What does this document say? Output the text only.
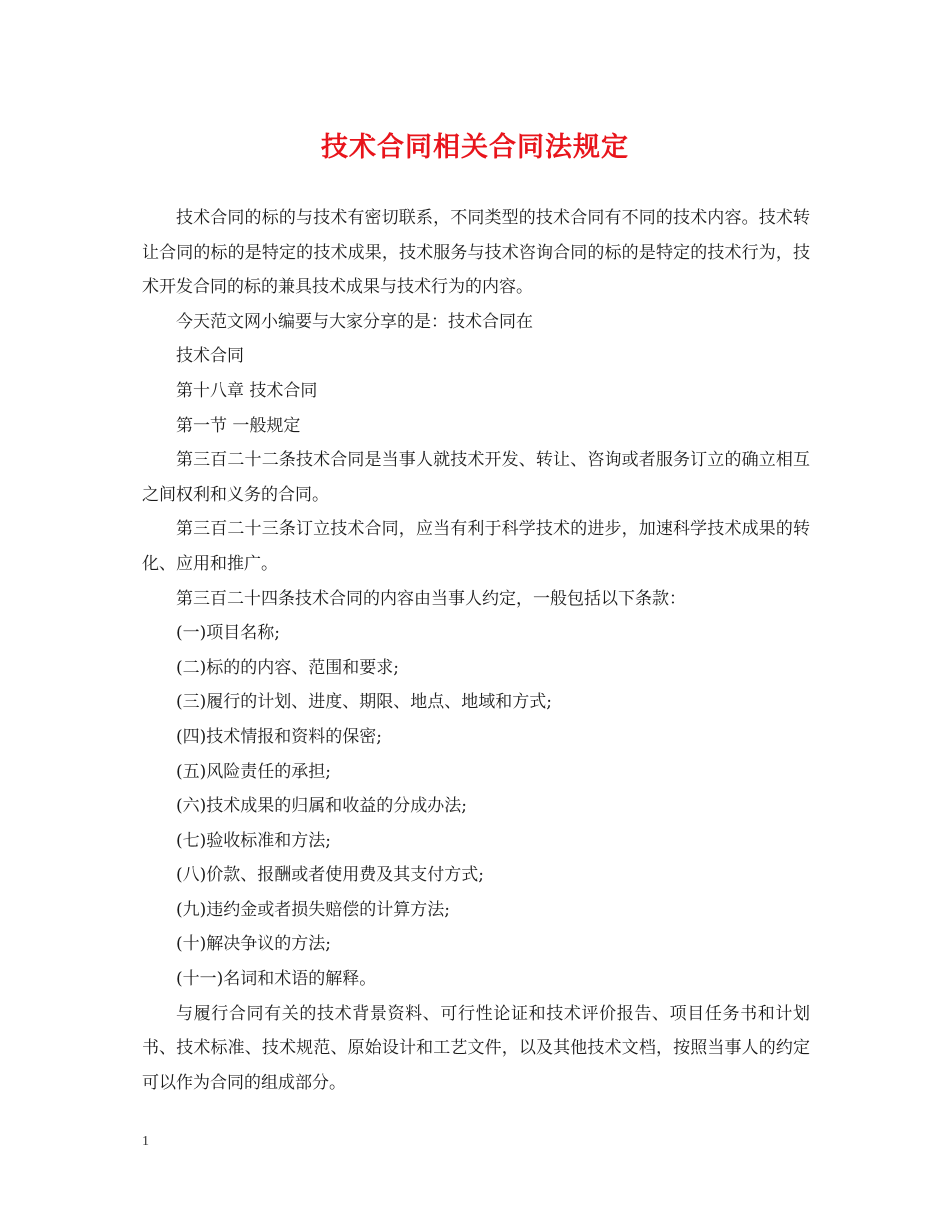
技术合同相关合同法规定

技术合同的标的与技术有密切联系，不同类型的技术合同有不同的技术内容。技术转让合同的标的是特定的技术成果，技术服务与技术咨询合同的标的是特定的技术行为，技术开发合同的标的兼具技术成果与技术行为的内容。

今天范文网小编要与大家分享的是：技术合同在

技术合同

第十八章 技术合同

第一节 一般规定

第三百二十二条技术合同是当事人就技术开发、转让、咨询或者服务订立的确立相互之间权利和义务的合同。

第三百二十三条订立技术合同，应当有利于科学技术的进步，加速科学技术成果的转化、应用和推广。

第三百二十四条技术合同的内容由当事人约定，一般包括以下条款：

(一)项目名称;

(二)标的的内容、范围和要求;

(三)履行的计划、进度、期限、地点、地域和方式;

(四)技术情报和资料的保密;

(五)风险责任的承担;

(六)技术成果的归属和收益的分成办法;

(七)验收标准和方法;

(八)价款、报酬或者使用费及其支付方式;

(九)违约金或者损失赔偿的计算方法;

(十)解决争议的方法;

(十一)名词和术语的解释。

与履行合同有关的技术背景资料、可行性论证和技术评价报告、项目任务书和计划书、技术标准、技术规范、原始设计和工艺文件，以及其他技术文档，按照当事人的约定可以作为合同的组成部分。

1
